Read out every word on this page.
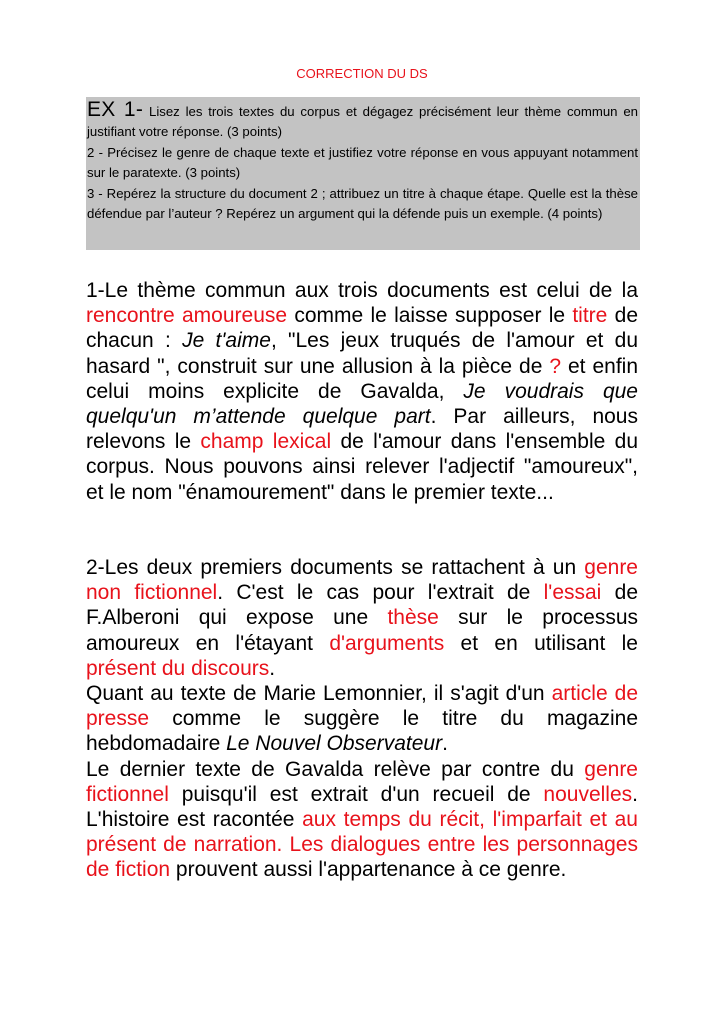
CORRECTION DU DS

EX 1- Lisez les trois textes du corpus et dégagez précisément leur thème commun en justifiant votre réponse. (3 points)

2 - Précisez le genre de chaque texte et justifiez votre réponse en vous appuyant notamment sur le paratexte. (3 points)

3 - Repérez la structure du document 2 ; attribuez un titre à chaque étape. Quelle est la thèse défendue par l’auteur ? Repérez un argument qui la défende puis un exemple. (4 points)

1-Le thème commun aux trois documents est celui de la rencontre amoureuse comme le laisse supposer le titre de chacun : Je t'aime, "Les jeux truqués de l'amour et du hasard ", construit sur une allusion à la pièce de ? et enfin celui moins explicite de Gavalda, Je voudrais que quelqu'un m’attende quelque part. Par ailleurs, nous relevons le champ lexical de l'amour dans l'ensemble du corpus. Nous pouvons ainsi relever l'adjectif "amoureux", et le nom "énamourement" dans le premier texte...

2-Les deux premiers documents se rattachent à un genre non fictionnel. C'est le cas pour l'extrait de l'essai de F.Alberoni qui expose une thèse sur le processus amoureux en l'étayant d'arguments et en utilisant le présent du discours.

Quant au texte de Marie Lemonnier, il s'agit d'un article de presse comme le suggère le titre du magazine hebdomadaire Le Nouvel Observateur.

Le dernier texte de Gavalda relève par contre du genre fictionnel puisqu'il est extrait d'un recueil de nouvelles. L'histoire est racontée aux temps du récit, l'imparfait et au présent de narration. Les dialogues entre les personnages de fiction prouvent aussi l'appartenance à ce genre.
